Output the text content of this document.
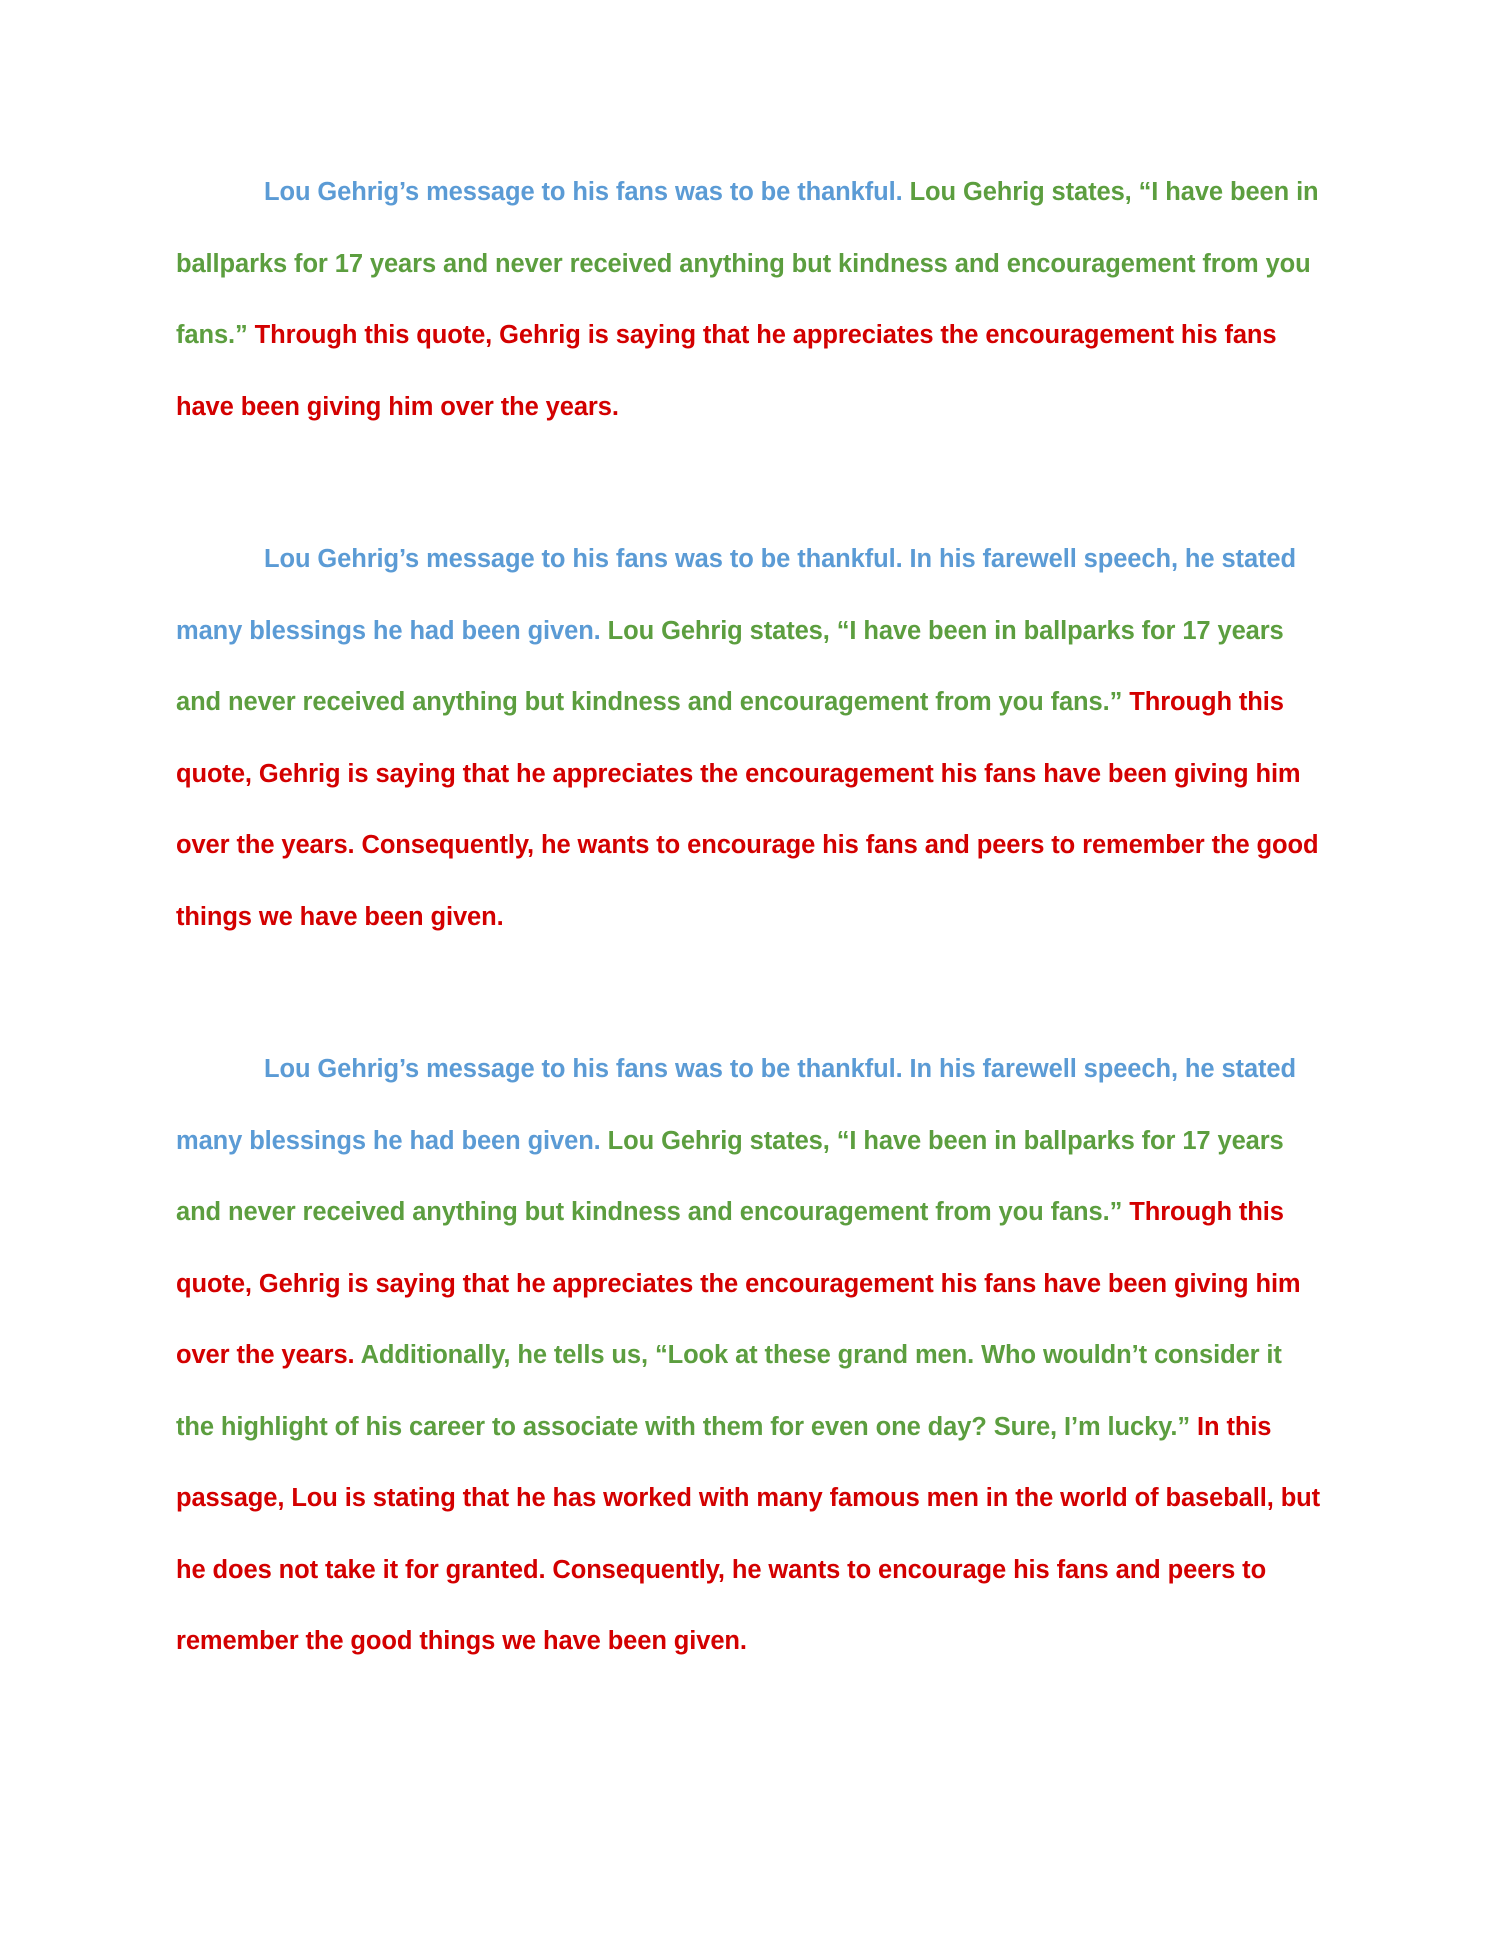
Lou Gehrig’s message to his fans was to be thankful. Lou Gehrig states, “I have been in ballparks for 17 years and never received anything but kindness and encouragement from you fans.” Through this quote, Gehrig is saying that he appreciates the encouragement his fans have been giving him over the years.

Lou Gehrig’s message to his fans was to be thankful. In his farewell speech, he stated many blessings he had been given. Lou Gehrig states, “I have been in ballparks for 17 years and never received anything but kindness and encouragement from you fans.” Through this quote, Gehrig is saying that he appreciates the encouragement his fans have been giving him over the years. Consequently, he wants to encourage his fans and peers to remember the good things we have been given.

Lou Gehrig’s message to his fans was to be thankful. In his farewell speech, he stated many blessings he had been given. Lou Gehrig states, “I have been in ballparks for 17 years and never received anything but kindness and encouragement from you fans.” Through this quote, Gehrig is saying that he appreciates the encouragement his fans have been giving him over the years. Additionally, he tells us, “Look at these grand men. Who wouldn’t consider it the highlight of his career to associate with them for even one day? Sure, I’m lucky.” In this passage, Lou is stating that he has worked with many famous men in the world of baseball, but he does not take it for granted. Consequently, he wants to encourage his fans and peers to remember the good things we have been given.
